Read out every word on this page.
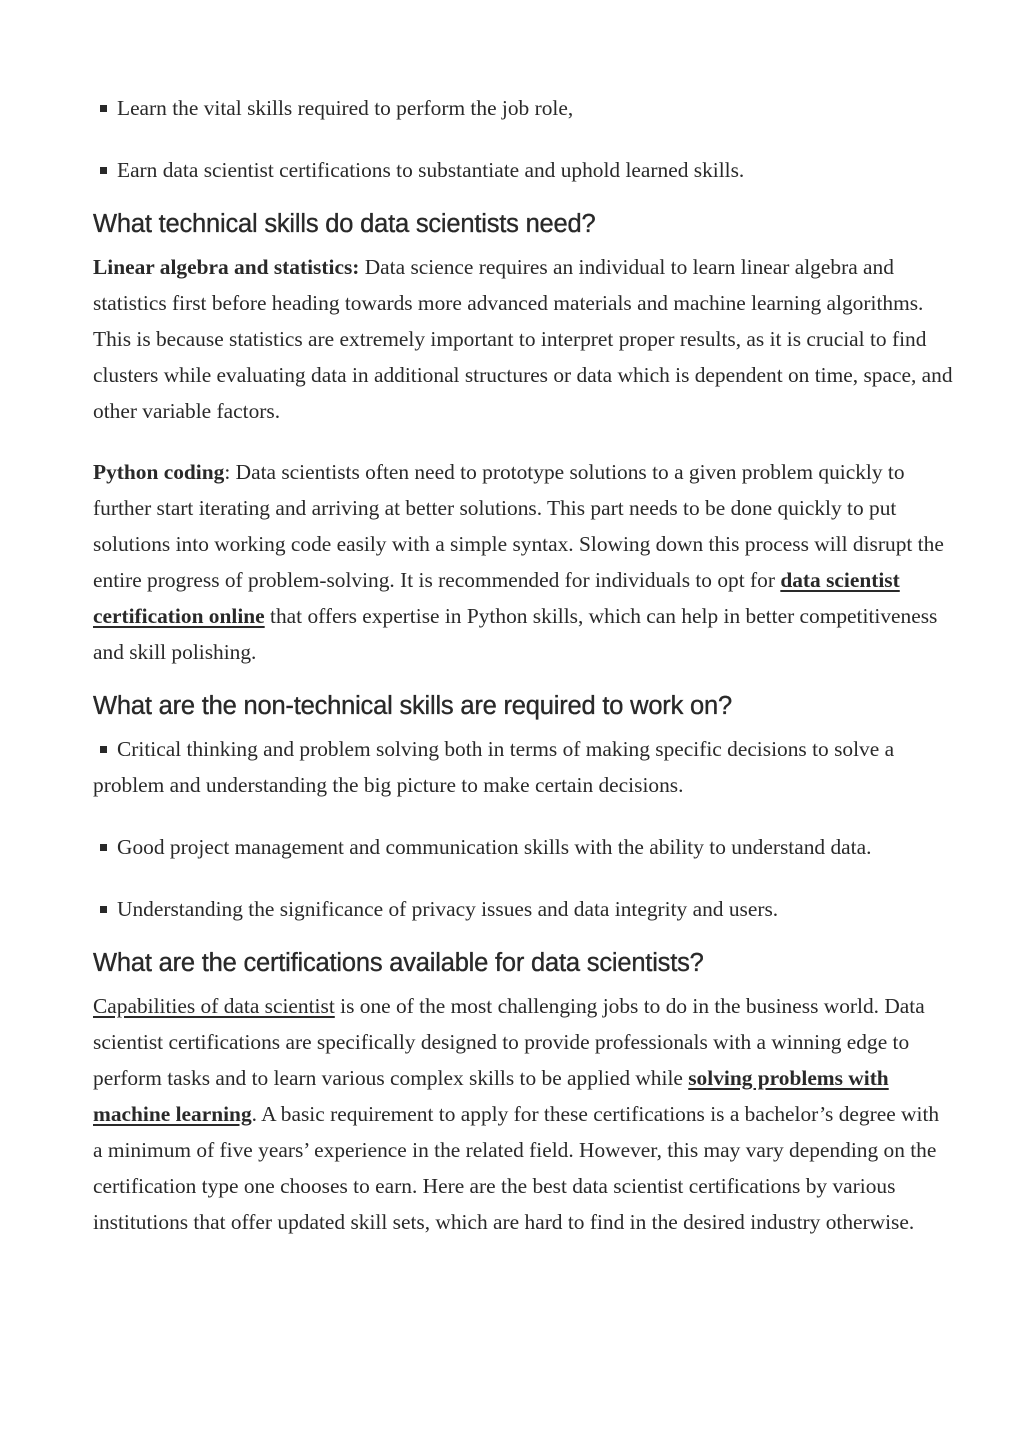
Learn the vital skills required to perform the job role,
Earn data scientist certifications to substantiate and uphold learned skills.
What technical skills do data scientists need?

Linear algebra and statistics: Data science requires an individual to learn linear algebra and statistics first before heading towards more advanced materials and machine learning algorithms. This is because statistics are extremely important to interpret proper results, as it is crucial to find clusters while evaluating data in additional structures or data which is dependent on time, space, and other variable factors.

Python coding: Data scientists often need to prototype solutions to a given problem quickly to further start iterating and arriving at better solutions. This part needs to be done quickly to put solutions into working code easily with a simple syntax. Slowing down this process will disrupt the entire progress of problem-solving. It is recommended for individuals to opt for data scientist certification online that offers expertise in Python skills, which can help in better competitiveness and skill polishing.

What are the non-technical skills are required to work on?
Critical thinking and problem solving both in terms of making specific decisions to solve a problem and understanding the big picture to make certain decisions.
Good project management and communication skills with the ability to understand data.
Understanding the significance of privacy issues and data integrity and users.
What are the certifications available for data scientists?

Capabilities of data scientist is one of the most challenging jobs to do in the business world. Data scientist certifications are specifically designed to provide professionals with a winning edge to perform tasks and to learn various complex skills to be applied while solving problems with machine learning. A basic requirement to apply for these certifications is a bachelor’s degree with a minimum of five years’ experience in the related field. However, this may vary depending on the certification type one chooses to earn. Here are the best data scientist certifications by various institutions that offer updated skill sets, which are hard to find in the desired industry otherwise.
